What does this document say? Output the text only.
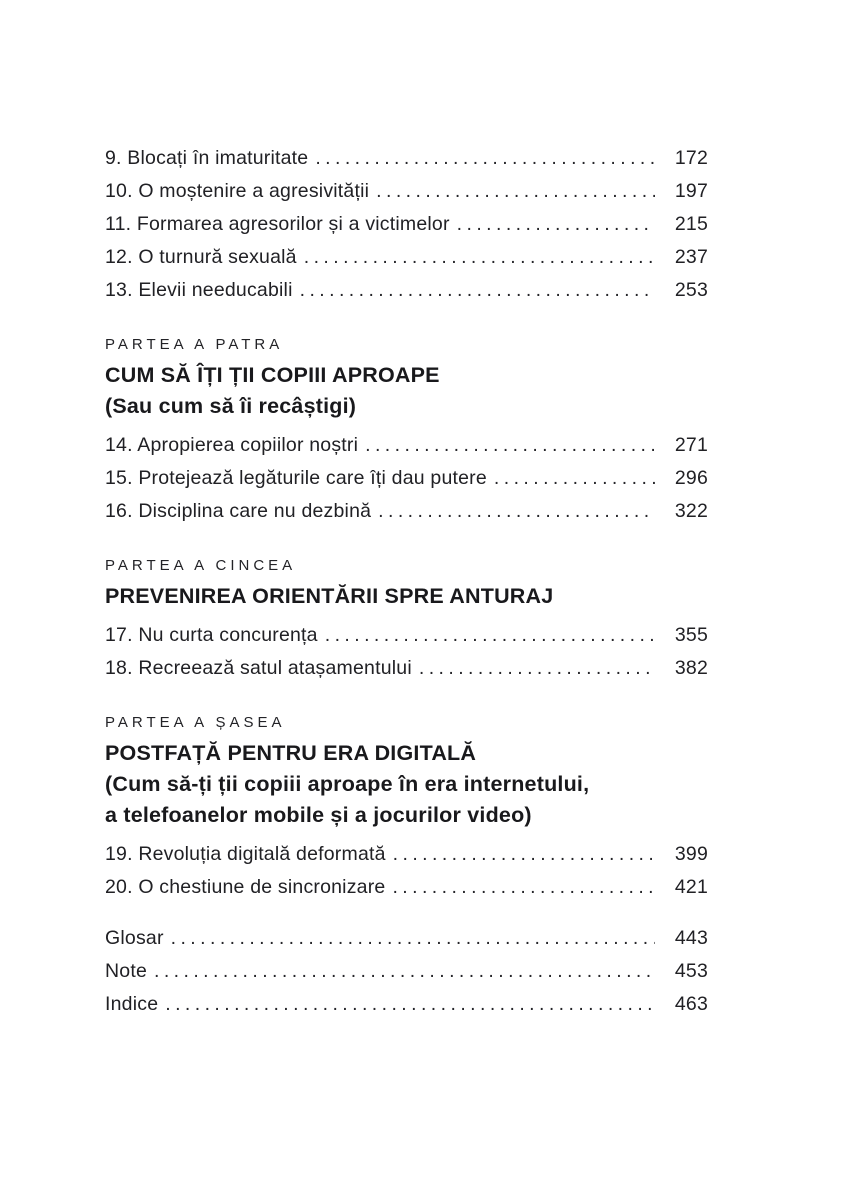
9. Blocați în imaturitate . . .	172
10. O moștenire a agresivității . . .	197
11. Formarea agresorilor și a victimelor . . .	215
12. O turnură sexuală . . .	237
13. Elevii needucabili . . .	253
PARTEA A PATRA
CUM SĂ ÎȚI ȚII COPIII APROAPE
(Sau cum să îi recâștigi)
14. Apropierea copiilor noștri . . .	271
15. Protejează legăturile care îți dau putere . . .	296
16. Disciplina care nu dezbină . . .	322
PARTEA A CINCEA
PREVENIREA ORIENTĂRII SPRE ANTURAJ
17. Nu curta concurența . . .	355
18. Recreează satul atașamentului . . .	382
PARTEA A ȘASEA
POSTFAȚĂ PENTRU ERA DIGITALĂ
(Cum să-ți ții copiii aproape în era internetului,
a telefoanelor mobile și a jocurilor video)
19. Revoluția digitală deformată . . .	399
20. O chestiune de sincronizare . . .	421
Glosar . . .	443
Note . . .	453
Indice . . .	463
